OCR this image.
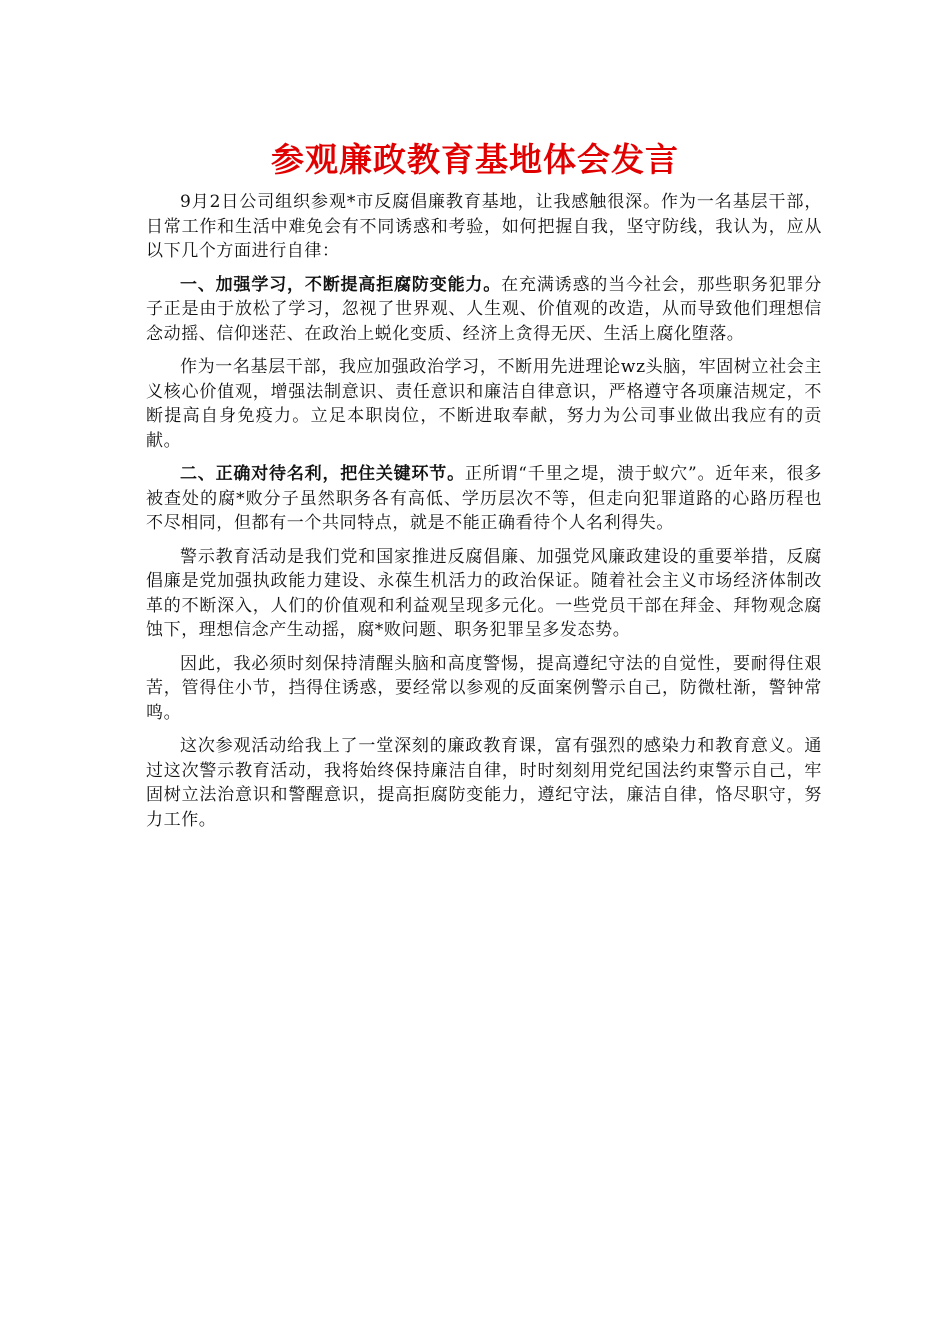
参观廉政教育基地体会发言

9月2日公司组织参观*市反腐倡廉教育基地，让我感触很深。作为一名基层干部，日常工作和生活中难免会有不同诱惑和考验，如何把握自我，坚守防线，我认为，应从以下几个方面进行自律：

一、加强学习，不断提高拒腐防变能力。在充满诱惑的当今社会，那些职务犯罪分子正是由于放松了学习，忽视了世界观、人生观、价值观的改造，从而导致他们理想信念动摇、信仰迷茫、在政治上蜕化变质、经济上贪得无厌、生活上腐化堕落。

作为一名基层干部，我应加强政治学习，不断用先进理论wz头脑，牢固树立社会主义核心价值观，增强法制意识、责任意识和廉洁自律意识，严格遵守各项廉洁规定，不断提高自身免疫力。立足本职岗位，不断进取奉献，努力为公司事业做出我应有的贡献。

二、正确对待名利，把住关键环节。正所谓“千里之堤，溃于蚁穴”。近年来，很多被查处的腐*败分子虽然职务各有高低、学历层次不等，但走向犯罪道路的心路历程也不尽相同，但都有一个共同特点，就是不能正确看待个人名利得失。

警示教育活动是我们党和国家推进反腐倡廉、加强党风廉政建设的重要举措，反腐倡廉是党加强执政能力建设、永葆生机活力的政治保证。随着社会主义市场经济体制改革的不断深入，人们的价值观和利益观呈现多元化。一些党员干部在拜金、拜物观念腐蚀下，理想信念产生动摇，腐*败问题、职务犯罪呈多发态势。

因此，我必须时刻保持清醒头脑和高度警惕，提高遵纪守法的自觉性，要耐得住艰苦，管得住小节，挡得住诱惑，要经常以参观的反面案例警示自己，防微杜渐，警钟常鸣。

这次参观活动给我上了一堂深刻的廉政教育课，富有强烈的感染力和教育意义。通过这次警示教育活动，我将始终保持廉洁自律，时时刻刻用党纪国法约束警示自己，牢固树立法治意识和警醒意识，提高拒腐防变能力，遵纪守法，廉洁自律，恪尽职守，努力工作。
